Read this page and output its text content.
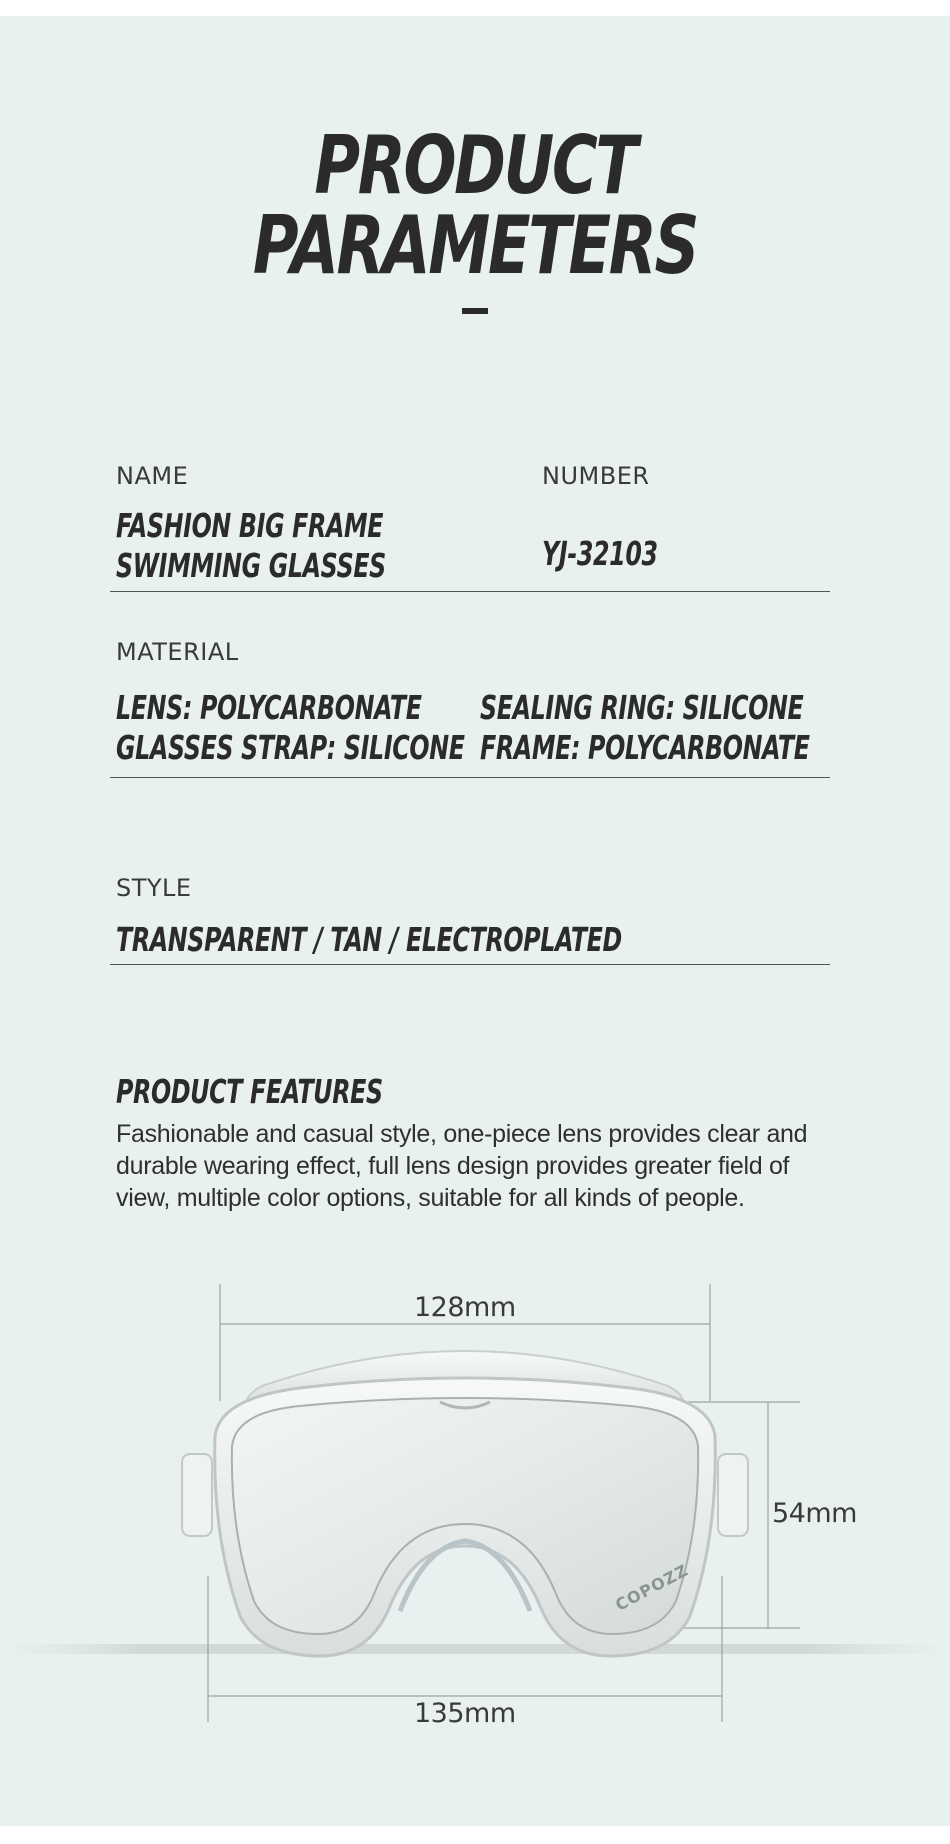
PRODUCT
PARAMETERS
NAME
FASHION BIG FRAME
SWIMMING GLASSES
NUMBER
YJ-32103
MATERIAL
LENS: POLYCARBONATE
GLASSES STRAP: SILICONE
SEALING RING: SILICONE
FRAME: POLYCARBONATE
STYLE
TRANSPARENT / TAN / ELECTROPLATED
PRODUCT FEATURES
Fashionable and casual style, one-piece lens provides clear and
durable wearing effect, full lens design provides greater field of
view, multiple color options, suitable for all kinds of people.
128mm
54mm
135mm
COPOZZ
